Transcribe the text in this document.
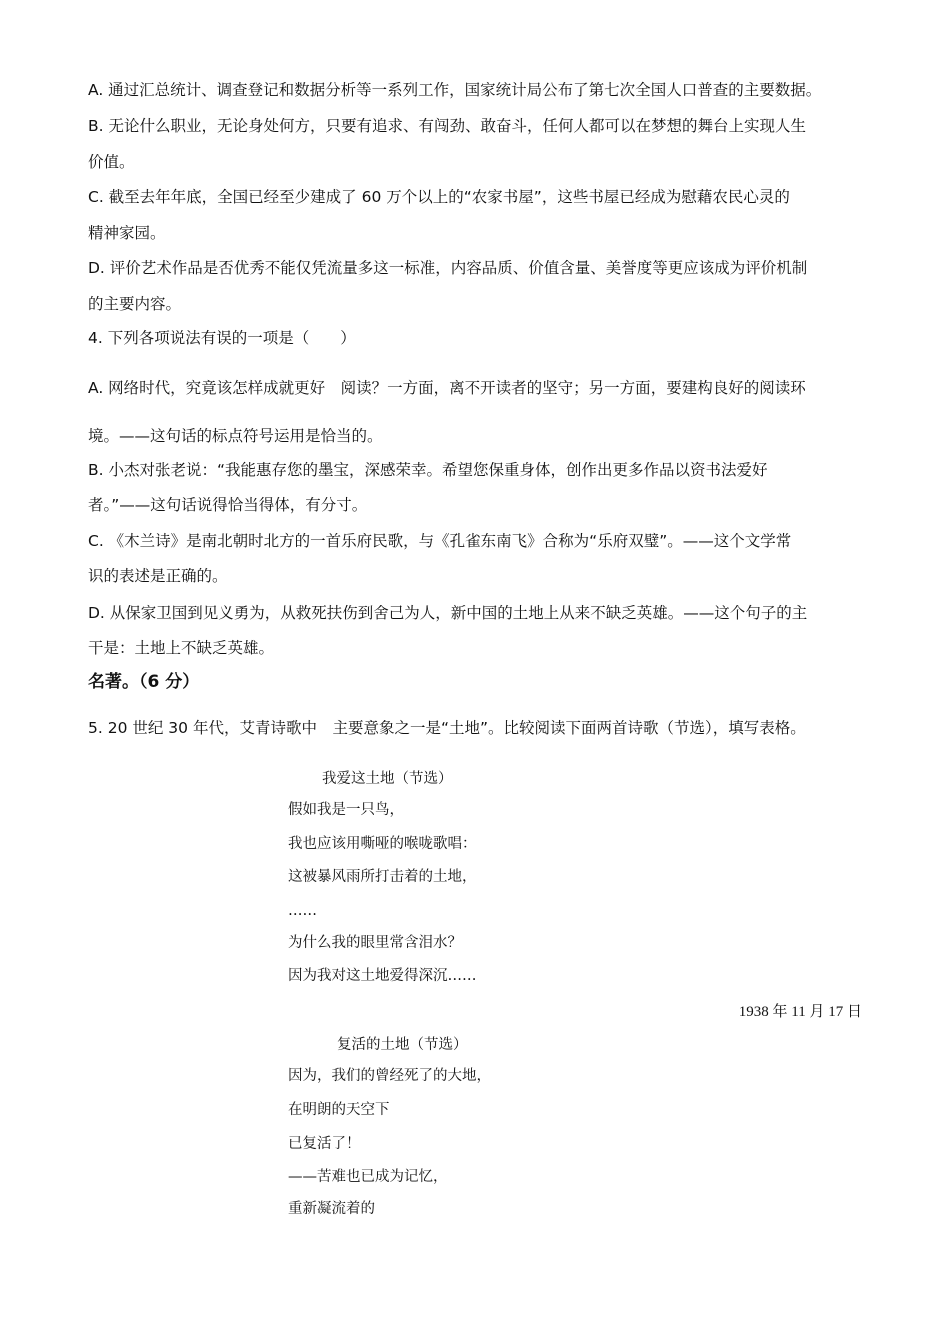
A. 通过汇总统计、调查登记和数据分析等一系列工作，国家统计局公布了第七次全国人口普查的主要数据。
B. 无论什么职业，无论身处何方，只要有追求、有闯劲、敢奋斗，任何人都可以在梦想的舞台上实现人生
价值。
C. 截至去年年底，全国已经至少建成了 60 万个以上的“农家书屋”，这些书屋已经成为慰藉农民心灵的
精神家园。
D. 评价艺术作品是否优秀不能仅凭流量多这一标准，内容品质、价值含量、美誉度等更应该成为评价机制
的主要内容。
4. 下列各项说法有误的一项是（　　）
A. 网络时代，究竟该怎样成就更好　阅读？一方面，离不开读者的坚守；另一方面，要建构良好的阅读环
境。——这句话的标点符号运用是恰当的。
B. 小杰对张老说：“我能惠存您的墨宝，深感荣幸。希望您保重身体，创作出更多作品以资书法爱好
者。”——这句话说得恰当得体，有分寸。
C. 《木兰诗》是南北朝时北方的一首乐府民歌，与《孔雀东南飞》合称为“乐府双璧”。——这个文学常
识的表述是正确的。
D. 从保家卫国到见义勇为，从救死扶伤到舍己为人，新中国的土地上从来不缺乏英雄。——这个句子的主
干是：土地上不缺乏英雄。
名著。（6 分）
5. 20 世纪 30 年代，艾青诗歌中　主要意象之一是“土地”。比较阅读下面两首诗歌（节选），填写表格。
我爱这土地（节选）
假如我是一只鸟，
我也应该用嘶哑的喉咙歌唱：
这被暴风雨所打击着的土地，
……
为什么我的眼里常含泪水？
因为我对这土地爱得深沉……
1938 年 11 月 17 日
复活的土地（节选）
因为，我们的曾经死了的大地，
在明朗的天空下
已复活了！
——苦难也已成为记忆，
重新凝流着的
